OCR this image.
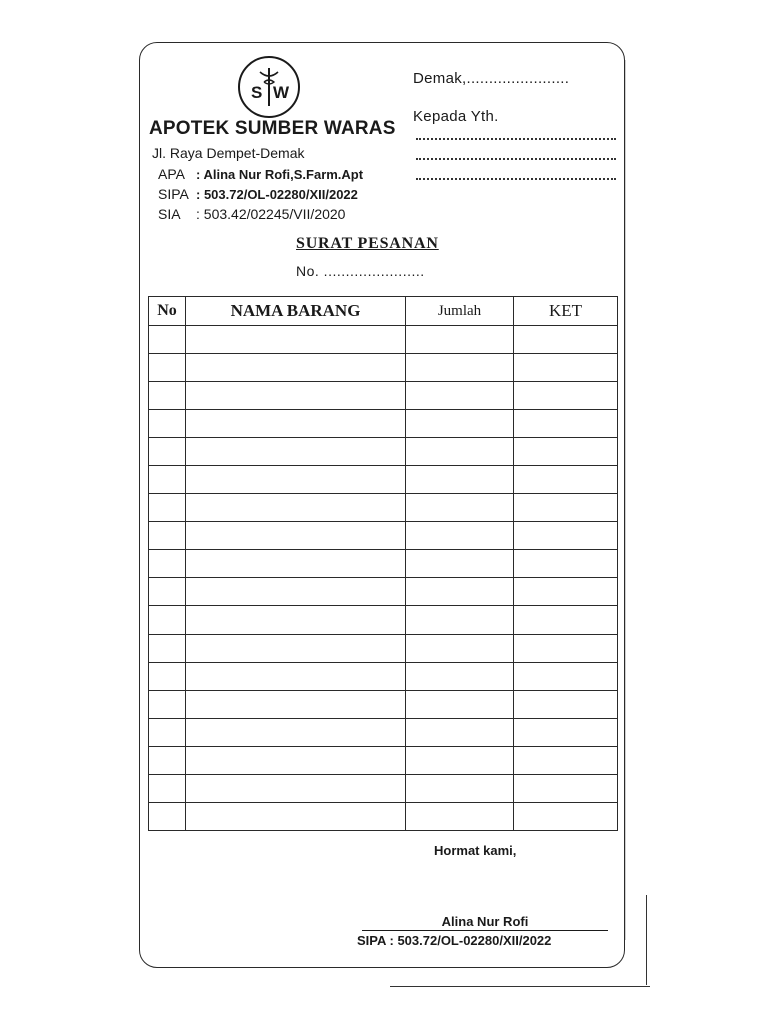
S W
APOTEK SUMBER WARAS
Jl. Raya Dempet-Demak
APA : Alina Nur Rofi,S.Farm.Apt
SIPA : 503.72/OL-02280/XII/2022
SIA : 503.42/02245/VII/2020
Demak,.......................
Kepada Yth.
SURAT PESANAN
No. .......................
No	NAMA BARANG	Jumlah	KET

Hormat kami,
Alina Nur Rofi
SIPA : 503.72/OL-02280/XII/2022
